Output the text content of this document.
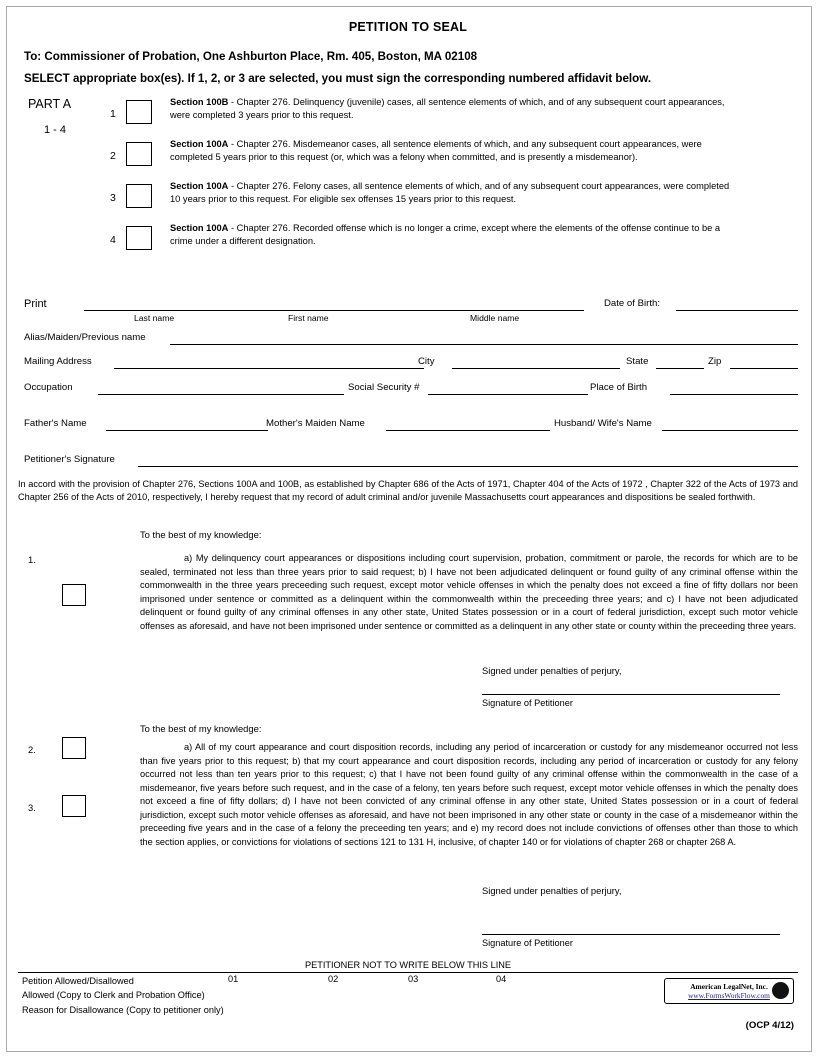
PETITION TO SEAL
To: Commissioner of Probation, One Ashburton Place, Rm. 405, Boston, MA 02108
SELECT appropriate box(es). If 1, 2, or 3 are selected, you must sign the corresponding numbered affidavit below.
PART A
1 - 4
1
Section 100B - Chapter 276. Delinquency (juvenile) cases, all sentence elements of which, and of any subsequent court appearances, were completed 3 years prior to this request.
2
Section 100A - Chapter 276. Misdemeanor cases, all sentence elements of which, and any subsequent court appearances, were completed 5 years prior to this request (or, which was a felony when committed, and is presently a misdemeanor).
3
Section 100A - Chapter 276. Felony cases, all sentence elements of which, and of any subsequent court appearances, were completed 10 years prior to this request. For eligible sex offenses 15 years prior to this request.
4
Section 100A - Chapter 276. Recorded offense which is no longer a crime, except where the elements of the offense continue to be a crime under a different designation.
Print	Date of Birth:
Last name	First name	Middle name
Alias/Maiden/Previous name
Mailing Address	City	State	Zip
Occupation	Social Security #	Place of Birth
Father's Name	Mother's Maiden Name	Husband/ Wife's Name
Petitioner's Signature
In accord with the provision of Chapter 276, Sections 100A and 100B, as established by Chapter 686 of the Acts of 1971, Chapter 404 of the Acts of 1972 , Chapter 322 of the Acts of 1973 and Chapter 256 of the Acts of 2010, respectively, I hereby request that my record of adult criminal and/or juvenile Massachusetts court appearances and dispositions be sealed forthwith.
To the best of my knowledge:
1.	a) My delinquency court appearances or dispositions including court supervision, probation, commitment or parole, the records for which are to be sealed, terminated not less than three years prior to said request; b) I have not been adjudicated delinquent or found guilty of any criminal offense within the commonwealth in the three years preceeding such request, except motor vehicle offenses in which the penalty does not exceed a fine of fifty dollars nor been imprisoned under sentence or committed as a delinquent within the commonwealth within the preceeding three years; and c) I have not been adjudicated delinquent or found guilty of any criminal offenses in any other state, United States possession or in a court of federal jurisdiction, except such motor vehicle offenses as aforesaid, and have not been imprisoned under sentence or committed as a delinquent in any other state or county within the preceeding three years.
Signed under penalties of perjury,
Signature of Petitioner
To the best of my knowledge:
2.
3.
a) All of my court appearance and court disposition records, including any period of incarceration or custody for any misdemeanor occurred not less than five years prior to this request; b) that my court appearance and court disposition records, including any period of incarceration or custody for any felony occurred not less than ten years prior to this request; c) that I have not been found guilty of any criminal offense within the commonwealth in the case of a misdemeanor, five years before such request, and in the case of a felony, ten years before such request, except motor vehicle offenses in which the penalty does not exceed a fine of fifty dollars; d) I have not been convicted of any criminal offense in any other state, United States possession or in a court of federal jurisdiction, except such motor vehicle offenses as aforesaid, and have not been imprisoned in any other state or county in the case of a misdemeanor within the preceeding five years and in the case of a felony the preceeding ten years; and e) my record does not include convictions of offenses other than those to which the section applies, or convictions for violations of sections 121 to 131 H, inclusive, of chapter 140 or for violations of chapter 268 or chapter 268 A.
Signed under penalties of perjury,
Signature of Petitioner
PETITIONER NOT TO WRITE BELOW THIS LINE
Petition Allowed/Disallowed
Allowed (Copy to Clerk and Probation Office)
Reason for Disallowance (Copy to petitioner only)
01	02	03	04
American LegalNet, Inc.
www.FormsWorkFlow.com
(OCP 4/12)
